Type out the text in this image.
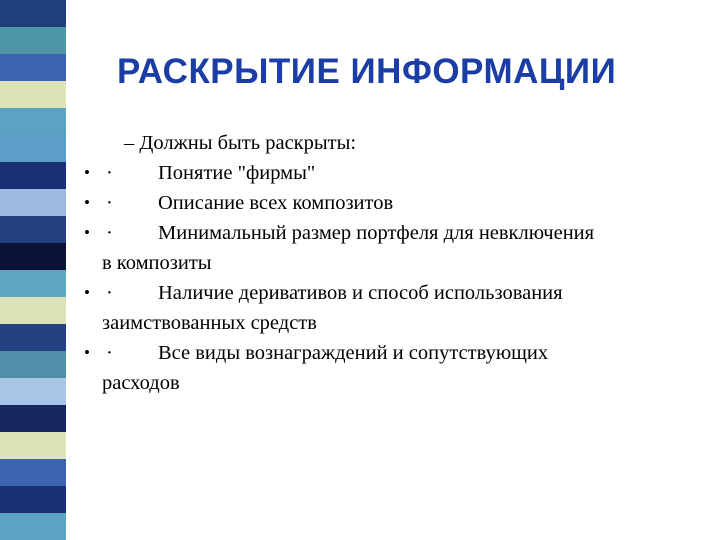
РАСКРЫТИЕ ИНФОРМАЦИИ
– Должны быть раскрыты:
• · Понятие "фирмы"
• · Описание всех композитов
• · Минимальный размер портфеля для невключения
в композиты
• · Наличие деривативов и способ использования
заимствованных средств
• · Все виды вознаграждений и сопутствующих
расходов
